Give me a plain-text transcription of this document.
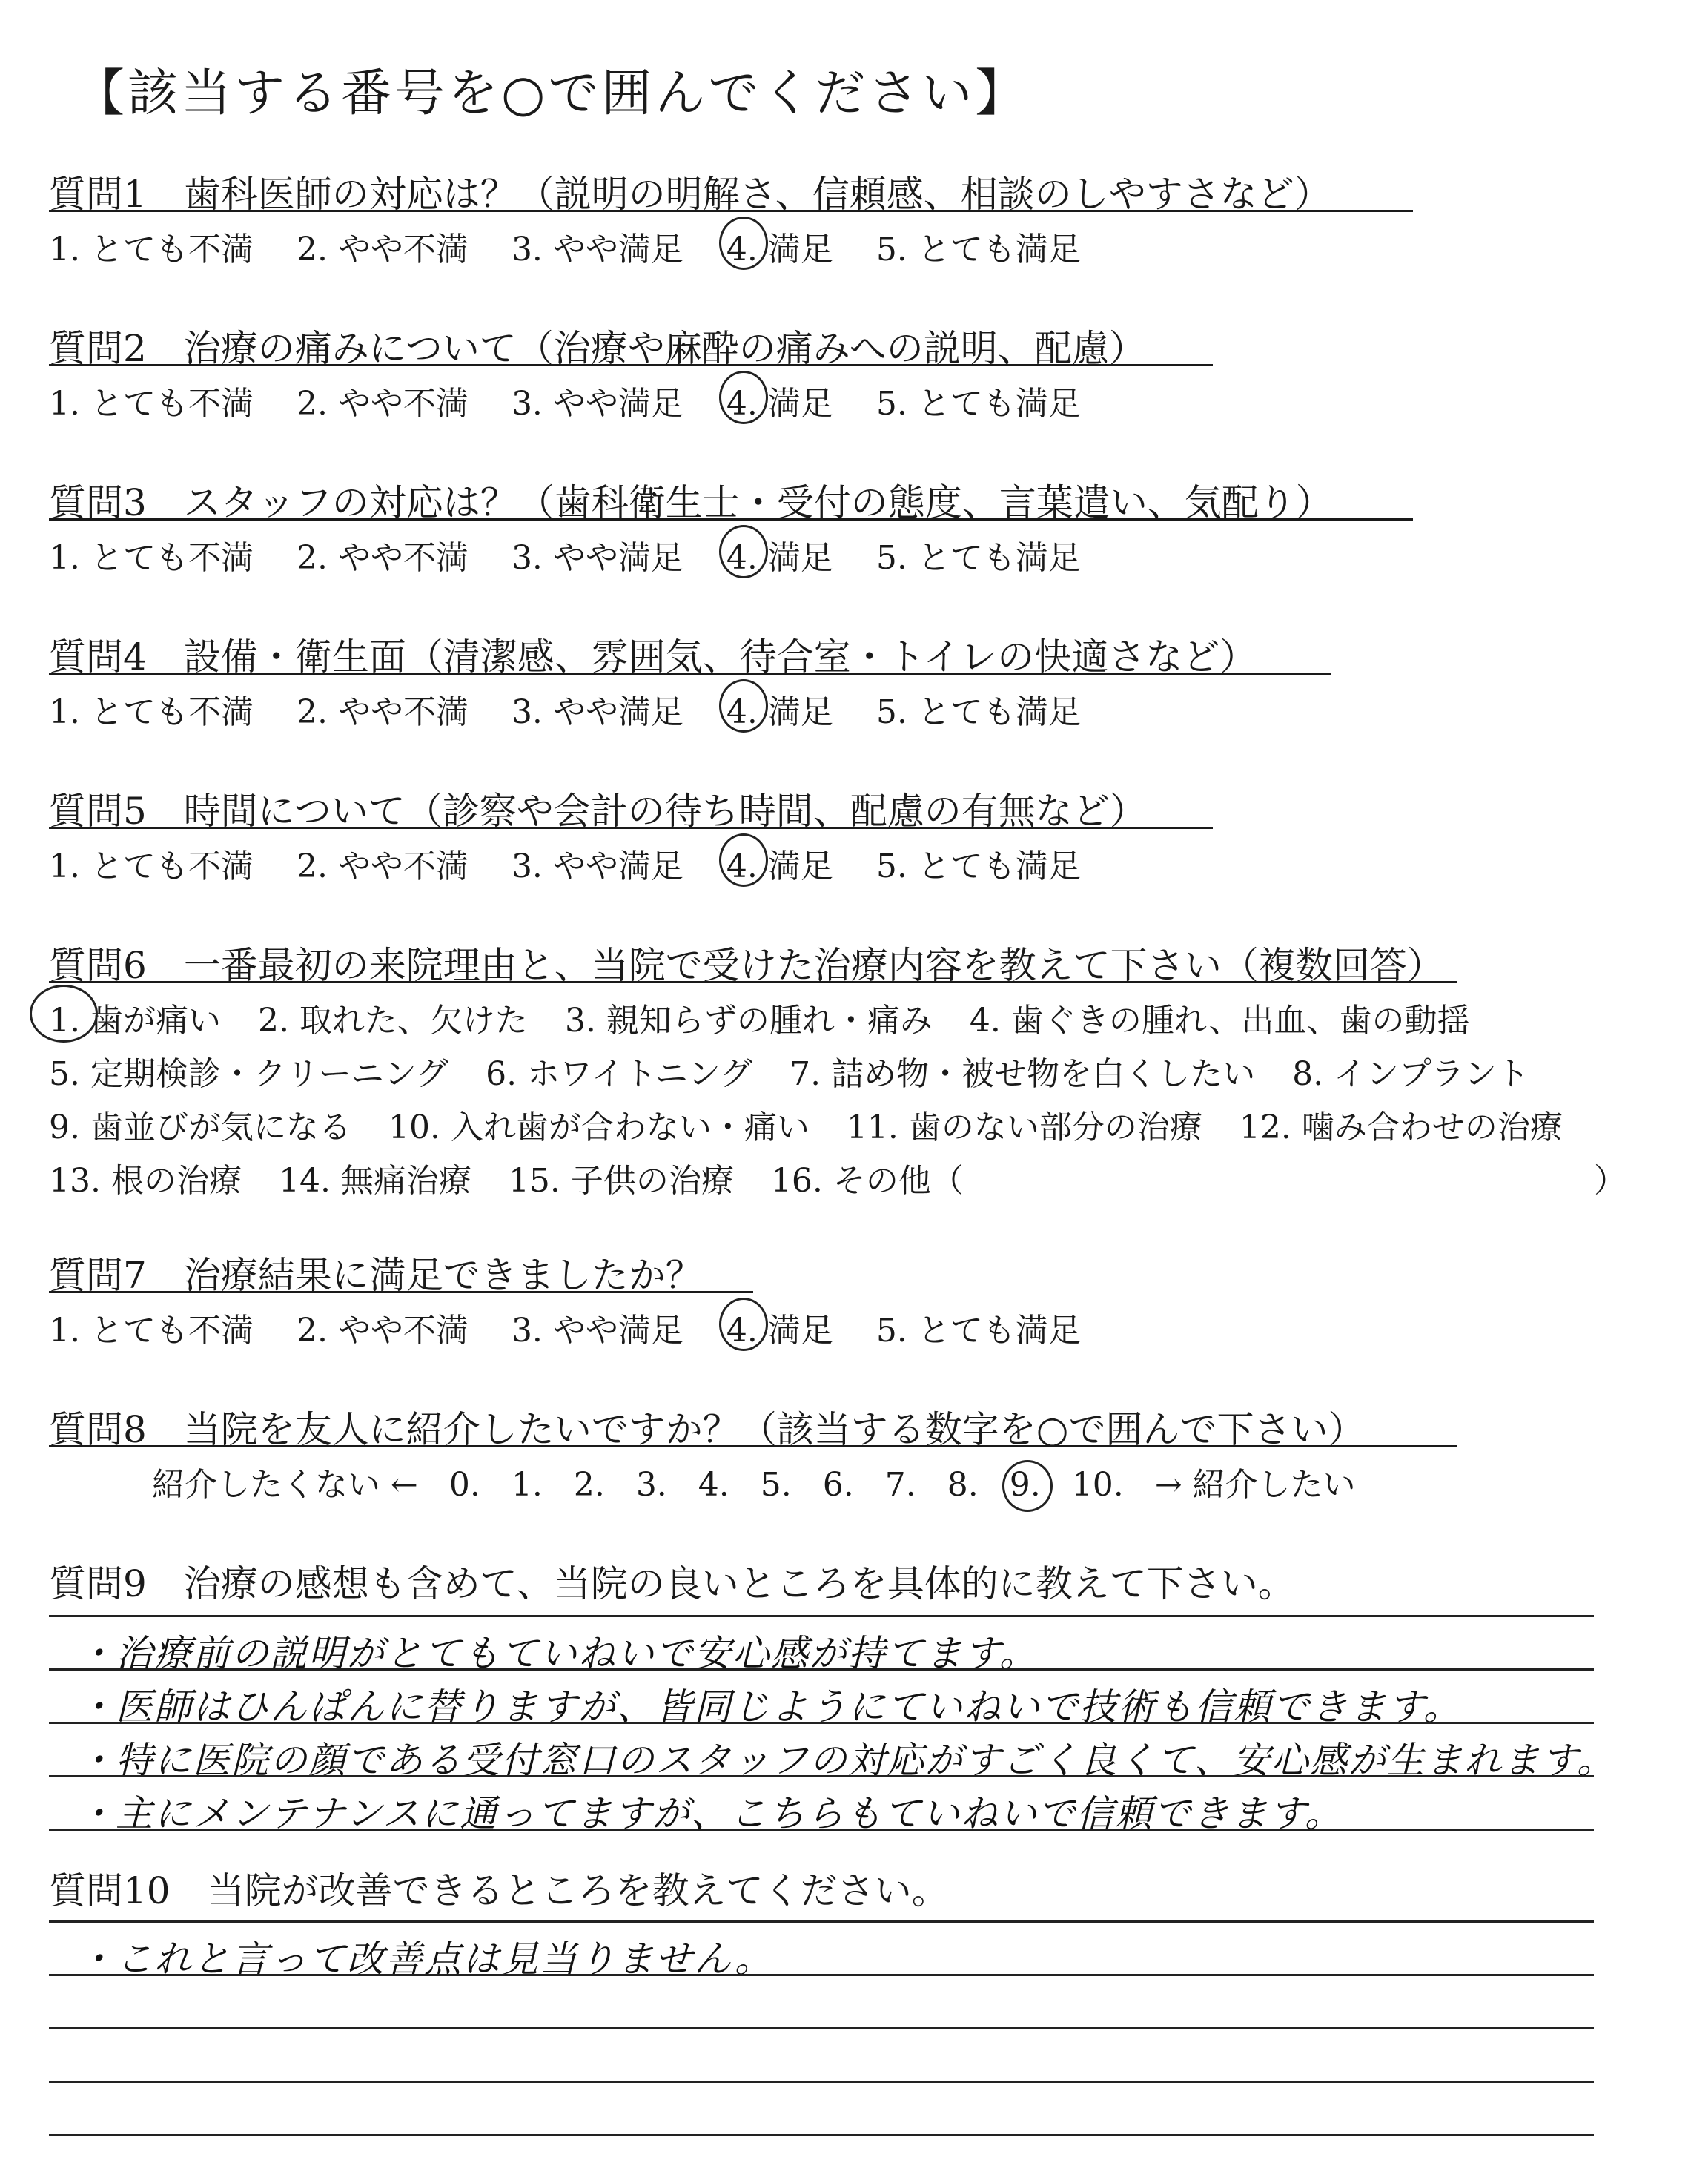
【該当する番号を○で囲んでください】
質問1　歯科医師の対応は？（説明の明解さ、信頼感、相談のしやすさなど）
1. とても不満 2. やや不満 3. やや満足 4. 満足 5. とても満足
質問2　治療の痛みについて（治療や麻酔の痛みへの説明、配慮）
1. とても不満 2. やや不満 3. やや満足 4. 満足 5. とても満足
質問3　スタッフの対応は？（歯科衛生士・受付の態度、言葉遣い、気配り）
1. とても不満 2. やや不満 3. やや満足 4. 満足 5. とても満足
質問4　設備・衛生面（清潔感、雰囲気、待合室・トイレの快適さなど）
1. とても不満 2. やや不満 3. やや満足 4. 満足 5. とても満足
質問5　時間について（診察や会計の待ち時間、配慮の有無など）
1. とても不満 2. やや不満 3. やや満足 4. 満足 5. とても満足
質問6　一番最初の来院理由と、当院で受けた治療内容を教えて下さい（複数回答）
1. 歯が痛い 2. 取れた、欠けた 3. 親知らずの腫れ・痛み 4. 歯ぐきの腫れ、出血、歯の動揺
5. 定期検診・クリーニング 6. ホワイトニング 7. 詰め物・被せ物を白くしたい 8. インプラント
9. 歯並びが気になる 10. 入れ歯が合わない・痛い 11. 歯のない部分の治療 12. 噛み合わせの治療
13. 根の治療 14. 無痛治療 15. 子供の治療 16. その他（	）
質問7　治療結果に満足できましたか？
1. とても不満 2. やや不満 3. やや満足 4. 満足 5. とても満足
質問8　当院を友人に紹介したいですか？（該当する数字を○で囲んで下さい）
紹介したくない ← 0. 1. 2. 3. 4. 5. 6. 7. 8. 9. 10. → 紹介したい
質問9　治療の感想も含めて、当院の良いところを具体的に教えて下さい。
・治療前の説明がとてもていねいで安心感が持てます。
・医師はひんぱんに替りますが、皆同じようにていねいで技術も信頼できます。
・特に医院の顔である受付窓口のスタッフの対応がすごく良くて、安心感が生まれます。
・主にメンテナンスに通ってますが、こちらもていねいで信頼できます。
質問10　当院が改善できるところを教えてください。
・これと言って改善点は見当りません。
